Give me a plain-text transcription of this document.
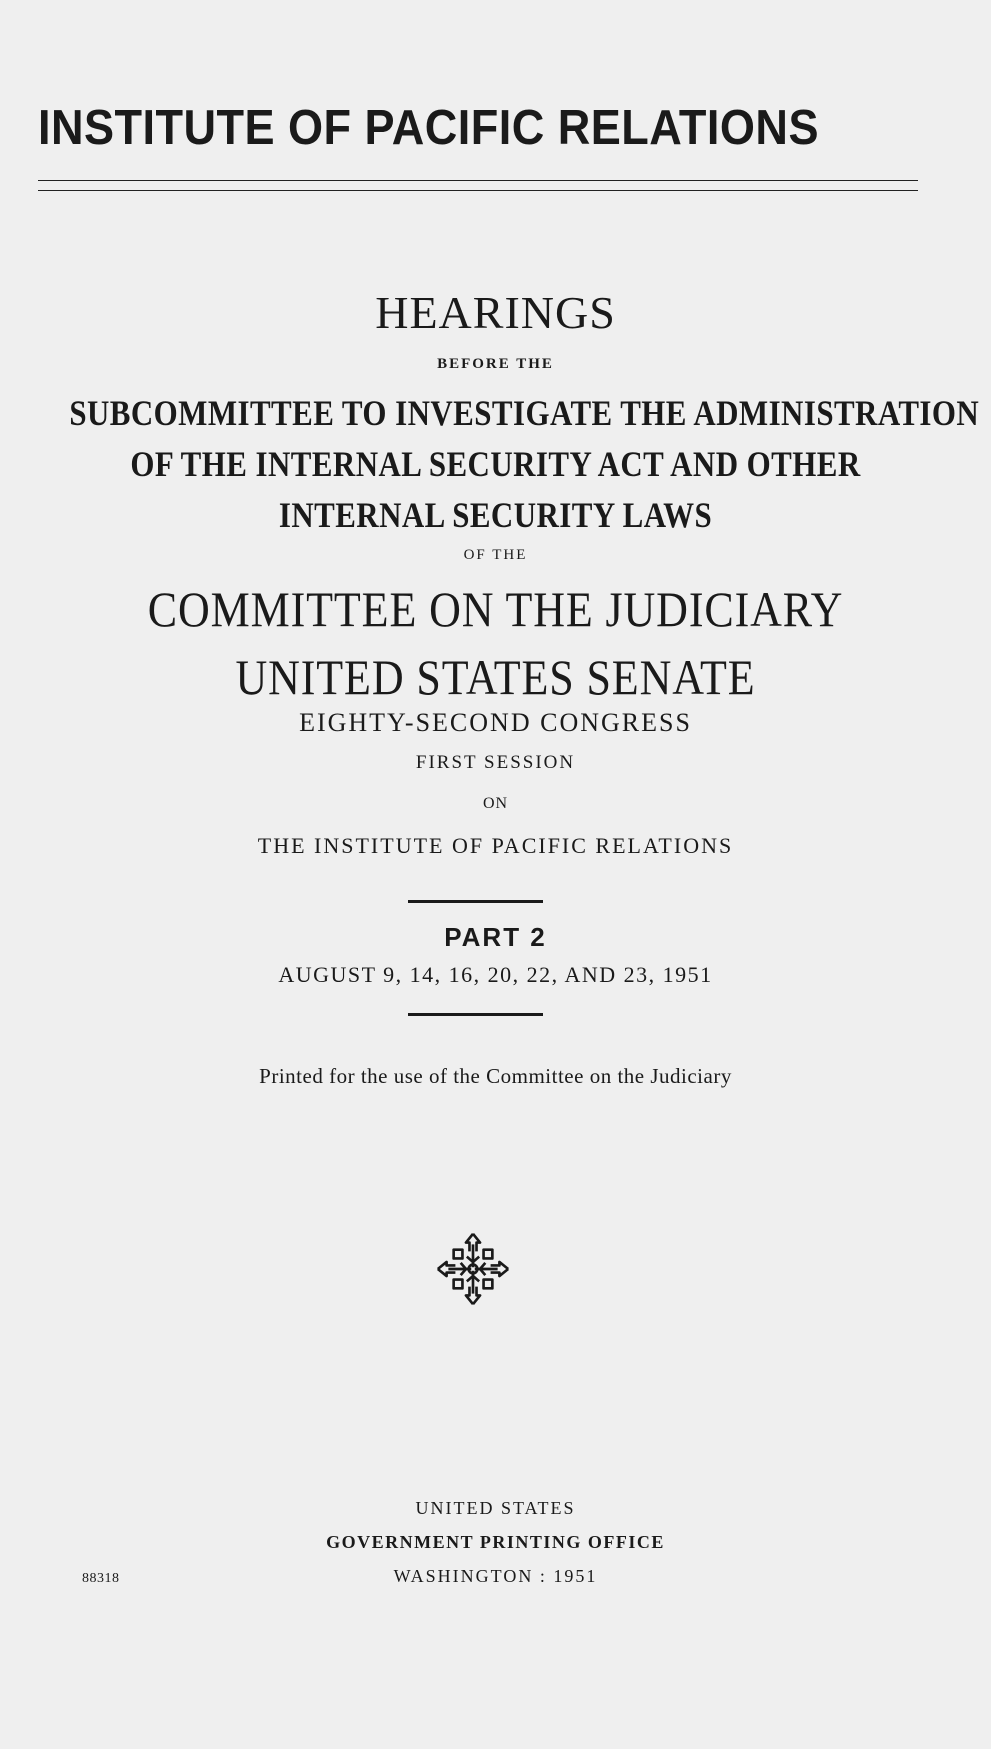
INSTITUTE OF PACIFIC RELATIONS
HEARINGS
BEFORE THE
SUBCOMMITTEE TO INVESTIGATE THE ADMINISTRATION
OF THE INTERNAL SECURITY ACT AND OTHER
INTERNAL SECURITY LAWS
OF THE
COMMITTEE ON THE JUDICIARY
UNITED STATES SENATE
EIGHTY-SECOND CONGRESS
FIRST SESSION
ON
THE INSTITUTE OF PACIFIC RELATIONS
PART 2
AUGUST 9, 14, 16, 20, 22, AND 23, 1951
Printed for the use of the Committee on the Judiciary
UNITED STATES
GOVERNMENT PRINTING OFFICE
WASHINGTON : 1951
88318
